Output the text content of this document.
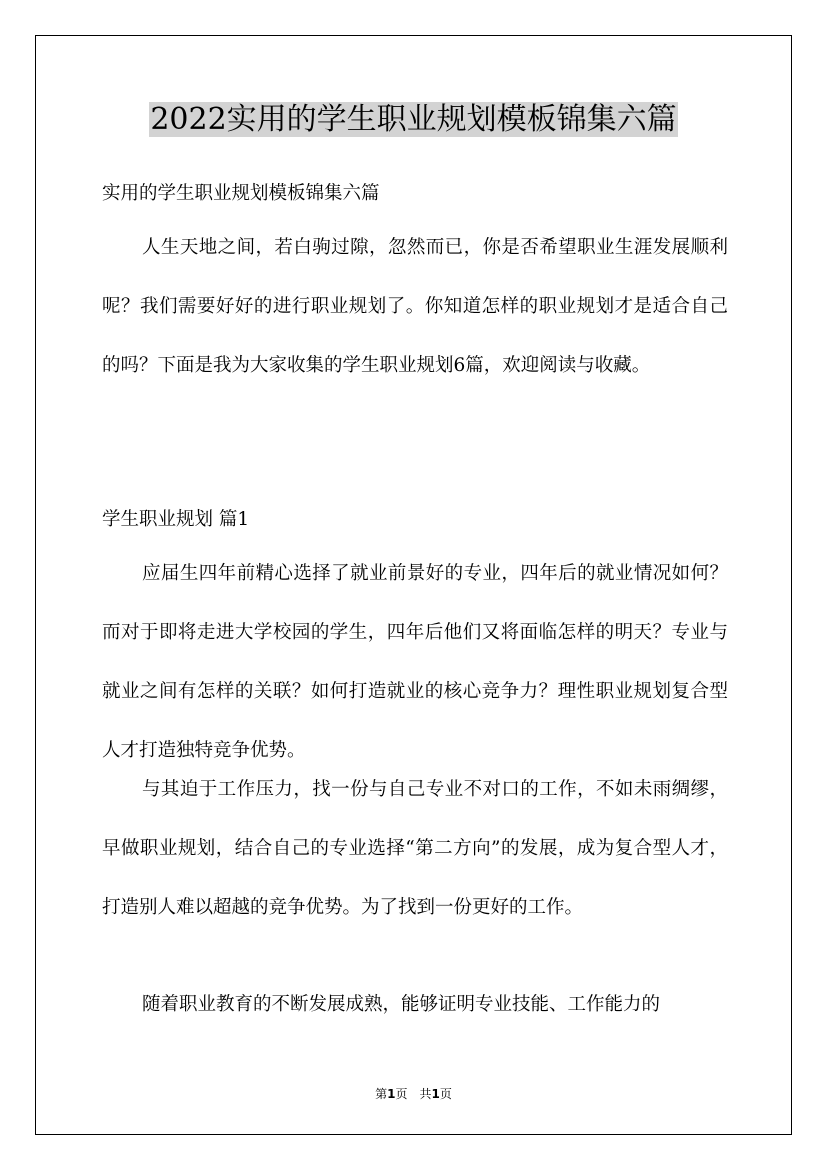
2022实用的学生职业规划模板锦集六篇

实用的学生职业规划模板锦集六篇

人生天地之间，若白驹过隙，忽然而已，你是否希望职业生涯发展顺利呢？我们需要好好的进行职业规划了。你知道怎样的职业规划才是适合自己的吗？下面是我为大家收集的学生职业规划6篇，欢迎阅读与收藏。

学生职业规划 篇1

应届生四年前精心选择了就业前景好的专业，四年后的就业情况如何？而对于即将走进大学校园的学生，四年后他们又将面临怎样的明天？专业与就业之间有怎样的关联？如何打造就业的核心竞争力？理性职业规划复合型人才打造独特竞争优势。

与其迫于工作压力，找一份与自己专业不对口的工作，不如未雨绸缪，早做职业规划，结合自己的专业选择“第二方向”的发展，成为复合型人才，打造别人难以超越的竞争优势。为了找到一份更好的工作。

随着职业教育的不断发展成熟，能够证明专业技能、工作能力的

第1页　共1页
